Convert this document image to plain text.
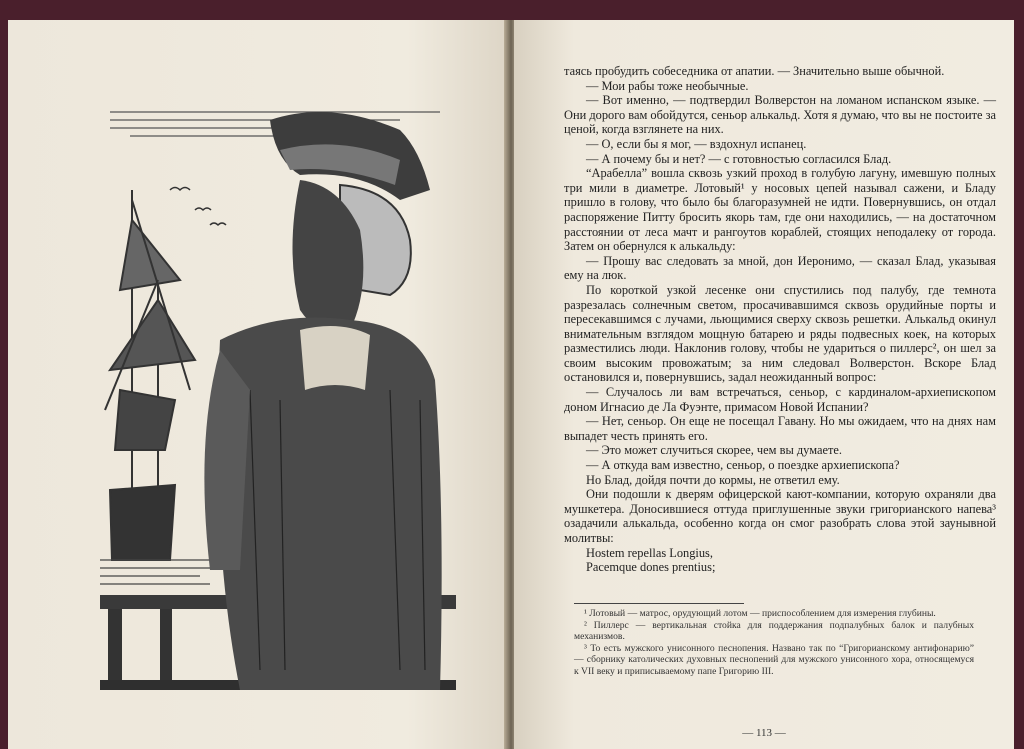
таясь пробудить собеседника от апатии. — Значительно выше обычной.

— Мои рабы тоже необычные.

— Вот именно, — подтвердил Волверстон на ломаном испанском языке. — Они дорого вам обойдутся, сеньор алькальд. Хотя я думаю, что вы не постоите за ценой, когда взглянете на них.

— О, если бы я мог, — вздохнул испанец.

— А почему бы и нет? — с готовностью согласился Блад.

“Арабелла” вошла сквозь узкий проход в голубую лагуну, имевшую полных три мили в диаметре. Лотовый¹ у носовых цепей называл сажени, и Бладу пришло в голову, что было бы благоразумней не идти. Повернувшись, он отдал распоряжение Питту бросить якорь там, где они находились, — на достаточном расстоянии от леса мачт и рангоутов кораблей, стоящих неподалеку от города. Затем он обернулся к алькальду:

— Прошу вас следовать за мной, дон Иеронимо, — сказал Блад, указывая ему на люк.

По короткой узкой лесенке они спустились под палубу, где темнота разрезалась солнечным светом, просачивавшимся сквозь орудийные порты и пересекавшимся с лучами, льющимися сверху сквозь решетки. Алькальд окинул внимательным взглядом мощную батарею и ряды подвесных коек, на которых разместились люди. Наклонив голову, чтобы не удариться о пиллерс², он шел за своим высоким провожатым; за ним следовал Волверстон. Вскоре Блад остановился и, повернувшись, задал неожиданный вопрос:

— Случалось ли вам встречаться, сеньор, с кардиналом-архиепископом доном Игнасио де Ла Фуэнте, примасом Новой Испании?

— Нет, сеньор. Он еще не посещал Гавану. Но мы ожидаем, что на днях нам выпадет честь принять его.

— Это может случиться скорее, чем вы думаете.

— А откуда вам известно, сеньор, о поездке архиепископа?

Но Блад, дойдя почти до кормы, не ответил ему.

Они подошли к дверям офицерской кают-компании, которую охраняли два мушкетера. Доносившиеся оттуда приглушенные звуки григорианского напева³ озадачили алькальда, особенно когда он смог разобрать слова этой заунывной молитвы:

Hostem repellas Longius,

Pacemque dones prentius;

¹ Лотовый — матрос, орудующий лотом — приспособлением для измерения глубины.

² Пиллерс — вертикальная стойка для поддержания подпалубных балок и палубных механизмов.

³ То есть мужского унисонного песнопения. Названо так по “Григорианскому антифонарию” — сборнику католических духовных песнопений для мужского унисонного хора, относящемуся к VII веку и приписываемому папе Григорию III.

— 113 —
